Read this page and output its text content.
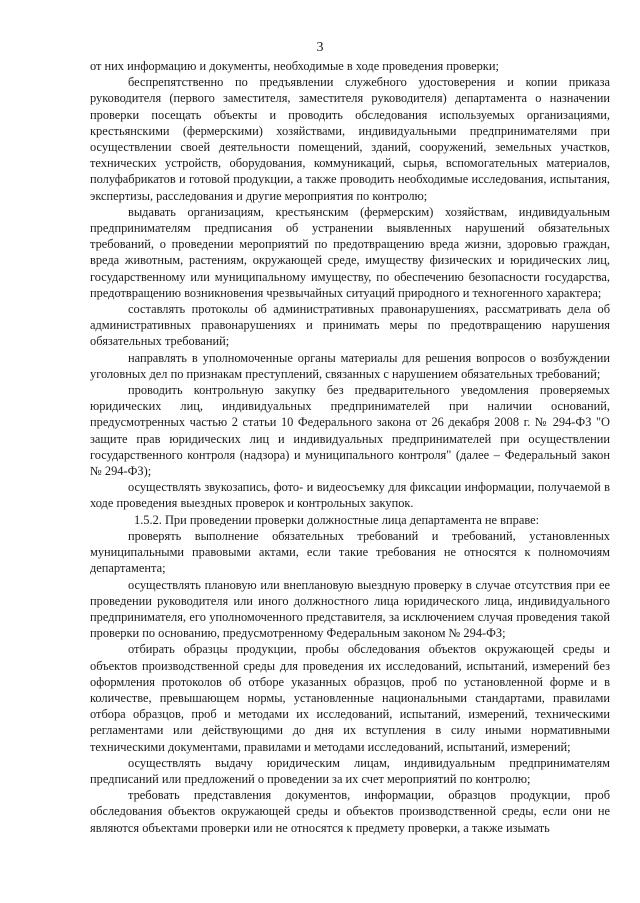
3

от них информацию и документы, необходимые в ходе проведения проверки;

беспрепятственно по предъявлении служебного удостоверения и копии приказа руководителя (первого заместителя, заместителя руководителя) департамента о назначении проверки посещать объекты и проводить обследования используемых организациями, крестьянскими (фермерскими) хозяйствами, индивидуальными предпринимателями при осуществлении своей деятельности помещений, зданий, сооружений, земельных участков, технических устройств, оборудования, коммуникаций, сырья, вспомогательных материалов, полуфабрикатов и готовой продукции, а также проводить необходимые исследования, испытания, экспертизы, расследования и другие мероприятия по контролю;

выдавать организациям, крестьянским (фермерским) хозяйствам, индивидуальным предпринимателям предписания об устранении выявленных нарушений обязательных требований, о проведении мероприятий по предотвращению вреда жизни, здоровью граждан, вреда животным, растениям, окружающей среде, имуществу физических и юридических лиц, государственному или муниципальному имуществу, по обеспечению безопасности государства, предотвращению возникновения чрезвычайных ситуаций природного и техногенного характера;

составлять протоколы об административных правонарушениях, рассматривать дела об административных правонарушениях и принимать меры по предотвращению нарушения обязательных требований;

направлять в уполномоченные органы материалы для решения вопросов о возбуждении уголовных дел по признакам преступлений, связанных с нарушением обязательных требований;

проводить контрольную закупку без предварительного уведомления проверяемых юридических лиц, индивидуальных предпринимателей при наличии оснований, предусмотренных частью 2 статьи 10 Федерального закона от 26 декабря 2008 г. № 294-ФЗ "О защите прав юридических лиц и индивидуальных предпринимателей при осуществлении государственного контроля (надзора) и муниципального контроля" (далее – Федеральный закон № 294-ФЗ);

осуществлять звукозапись, фото- и видеосъемку для фиксации информации, получаемой в ходе проведения выездных проверок и контрольных закупок.

1.5.2. При проведении проверки должностные лица департамента не вправе:

проверять выполнение обязательных требований и требований, установленных муниципальными правовыми актами, если такие требования не относятся к полномочиям департамента;

осуществлять плановую или внеплановую выездную проверку в случае отсутствия при ее проведении руководителя или иного должностного лица юридического лица, индивидуального предпринимателя, его уполномоченного представителя, за исключением случая проведения такой проверки по основанию, предусмотренному Федеральным законом № 294-ФЗ;

отбирать образцы продукции, пробы обследования объектов окружающей среды и объектов производственной среды для проведения их исследований, испытаний, измерений без оформления протоколов об отборе указанных образцов, проб по установленной форме и в количестве, превышающем нормы, установленные национальными стандартами, правилами отбора образцов, проб и методами их исследований, испытаний, измерений, техническими регламентами или действующими до дня их вступления в силу иными нормативными техническими документами, правилами и методами исследований, испытаний, измерений;

осуществлять выдачу юридическим лицам, индивидуальным предпринимателям предписаний или предложений о проведении за их счет мероприятий по контролю;

требовать представления документов, информации, образцов продукции, проб обследования объектов окружающей среды и объектов производственной среды, если они не являются объектами проверки или не относятся к предмету проверки, а также изымать
